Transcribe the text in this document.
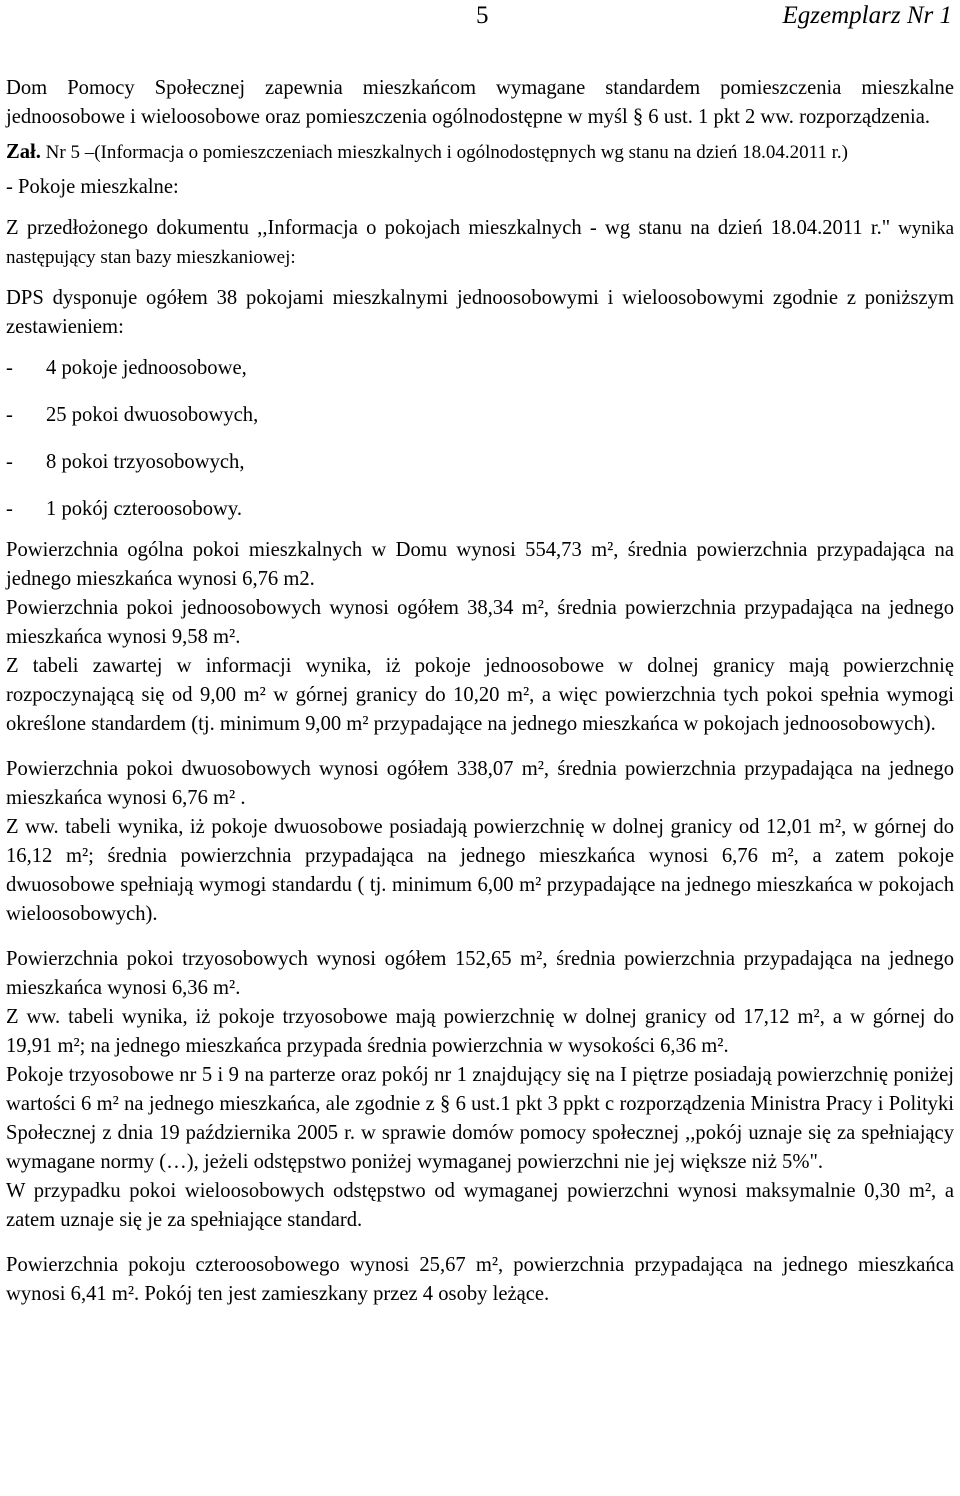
5	Egzemplarz Nr 1

Dom Pomocy Społecznej zapewnia mieszkańcom wymagane standardem pomieszczenia mieszkalne jednoosobowe i wieloosobowe oraz pomieszczenia ogólnodostępne w myśl § 6 ust. 1 pkt 2 ww. rozporządzenia.

Zał. Nr 5 –(Informacja o pomieszczeniach mieszkalnych i ogólnodostępnych wg stanu na dzień 18.04.2011 r.)

- Pokoje mieszkalne:

Z przedłożonego dokumentu ,,Informacja o pokojach mieszkalnych - wg stanu na dzień 18.04.2011 r." wynika następujący stan bazy mieszkaniowej:

DPS dysponuje ogółem 38 pokojami mieszkalnymi jednoosobowymi i wieloosobowymi zgodnie z poniższym zestawieniem:

- 4 pokoje jednoosobowe,
- 25 pokoi dwuosobowych,
- 8 pokoi trzyosobowych,
- 1 pokój czteroosobowy.

Powierzchnia ogólna pokoi mieszkalnych w Domu wynosi 554,73 m², średnia powierzchnia przypadająca na jednego mieszkańca wynosi 6,76 m2.

Powierzchnia pokoi jednoosobowych wynosi ogółem 38,34 m², średnia powierzchnia przypadająca na jednego mieszkańca wynosi 9,58 m².

Z tabeli zawartej w informacji wynika, iż pokoje jednoosobowe w dolnej granicy mają powierzchnię rozpoczynającą się od 9,00 m² w górnej granicy do 10,20 m², a więc powierzchnia tych pokoi spełnia wymogi określone standardem (tj. minimum 9,00 m² przypadające na jednego mieszkańca w pokojach jednoosobowych).

Powierzchnia pokoi dwuosobowych wynosi ogółem 338,07 m², średnia powierzchnia przypadająca na jednego mieszkańca wynosi 6,76 m² .

Z ww. tabeli wynika, iż pokoje dwuosobowe posiadają powierzchnię w dolnej granicy od 12,01 m², w górnej do 16,12 m²; średnia powierzchnia przypadająca na jednego mieszkańca wynosi 6,76 m², a zatem pokoje dwuosobowe spełniają wymogi standardu ( tj. minimum 6,00 m² przypadające na jednego mieszkańca w pokojach wieloosobowych).

Powierzchnia pokoi trzyosobowych wynosi ogółem 152,65 m², średnia powierzchnia przypadająca na jednego mieszkańca wynosi 6,36 m².

Z ww. tabeli wynika, iż pokoje trzyosobowe mają powierzchnię w dolnej granicy od 17,12 m², a w górnej do 19,91 m²; na jednego mieszkańca przypada średnia powierzchnia w wysokości 6,36 m².

Pokoje trzyosobowe nr 5 i 9 na parterze oraz pokój nr 1 znajdujący się na I piętrze posiadają powierzchnię poniżej wartości 6 m² na jednego mieszkańca, ale zgodnie z § 6 ust.1 pkt 3 ppkt c rozporządzenia Ministra Pracy i Polityki Społecznej z dnia 19 października 2005 r. w sprawie domów pomocy społecznej ,,pokój uznaje się za spełniający wymagane normy (…), jeżeli odstępstwo poniżej wymaganej powierzchni nie jej większe niż 5%".

W przypadku pokoi wieloosobowych odstępstwo od wymaganej powierzchni wynosi maksymalnie 0,30 m², a zatem uznaje się je za spełniające standard.

Powierzchnia pokoju czteroosobowego wynosi 25,67 m², powierzchnia przypadająca na jednego mieszkańca wynosi 6,41 m². Pokój ten jest zamieszkany przez 4 osoby leżące.
